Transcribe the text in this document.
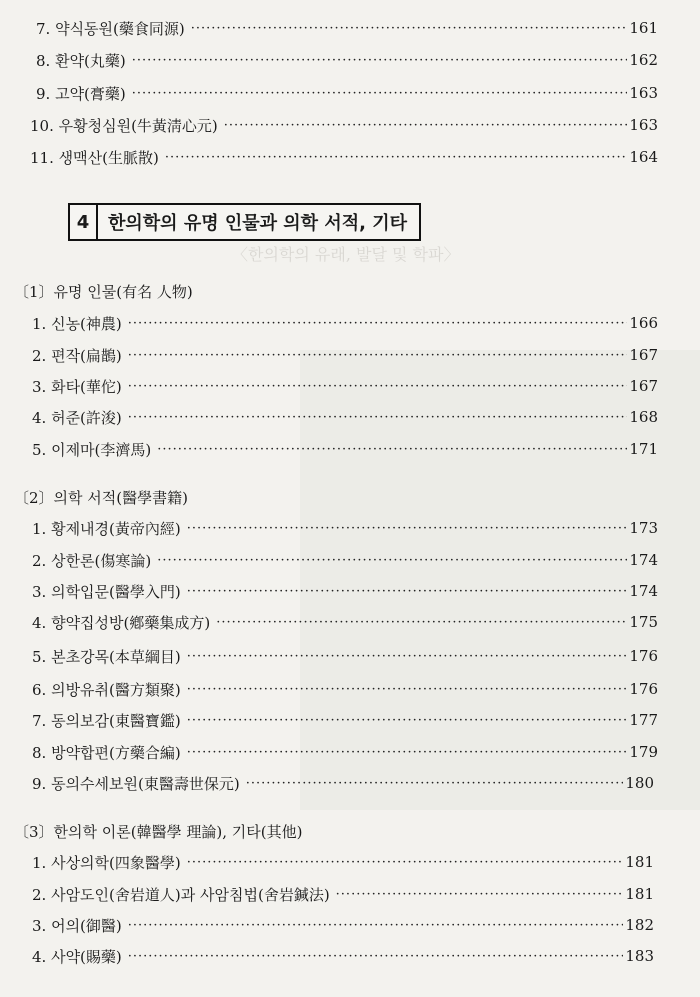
7. 약식동원(藥食同源) ·····	161
8. 환약(丸藥) ·····	162
9. 고약(膏藥) ·····	163
10. 우황청심원(牛黃淸心元) ·····	163
11. 생맥산(生脈散) ·····	164
4	한의학의 유명 인물과 의학 서적, 기타
〈한의학의 유래, 발달 및 학파〉
〔1〕유명 인물(有名 人物)
1. 신농(神農) ·····	166
2. 편작(扁鵲) ·····	167
3. 화타(華佗) ·····	167
4. 허준(許浚) ·····	168
5. 이제마(李濟馬) ·····	171
〔2〕의학 서적(醫學書籍)
1. 황제내경(黃帝內經) ·····	173
2. 상한론(傷寒論) ·····	174
3. 의학입문(醫學入門) ·····	174
4. 향약집성방(鄕藥集成方) ·····	175
5. 본초강목(本草綱目) ·····	176
6. 의방유취(醫方類聚) ·····	176
7. 동의보감(東醫寶鑑) ·····	177
8. 방약합편(方藥合編) ·····	179
9. 동의수세보원(東醫壽世保元) ·····	180
〔3〕한의학 이론(韓醫學 理論), 기타(其他)
1. 사상의학(四象醫學) ·····	181
2. 사암도인(舍岩道人)과 사암침법(舍岩鍼法) ·····	181
3. 어의(御醫) ·····	182
4. 사약(賜藥) ·····	183
